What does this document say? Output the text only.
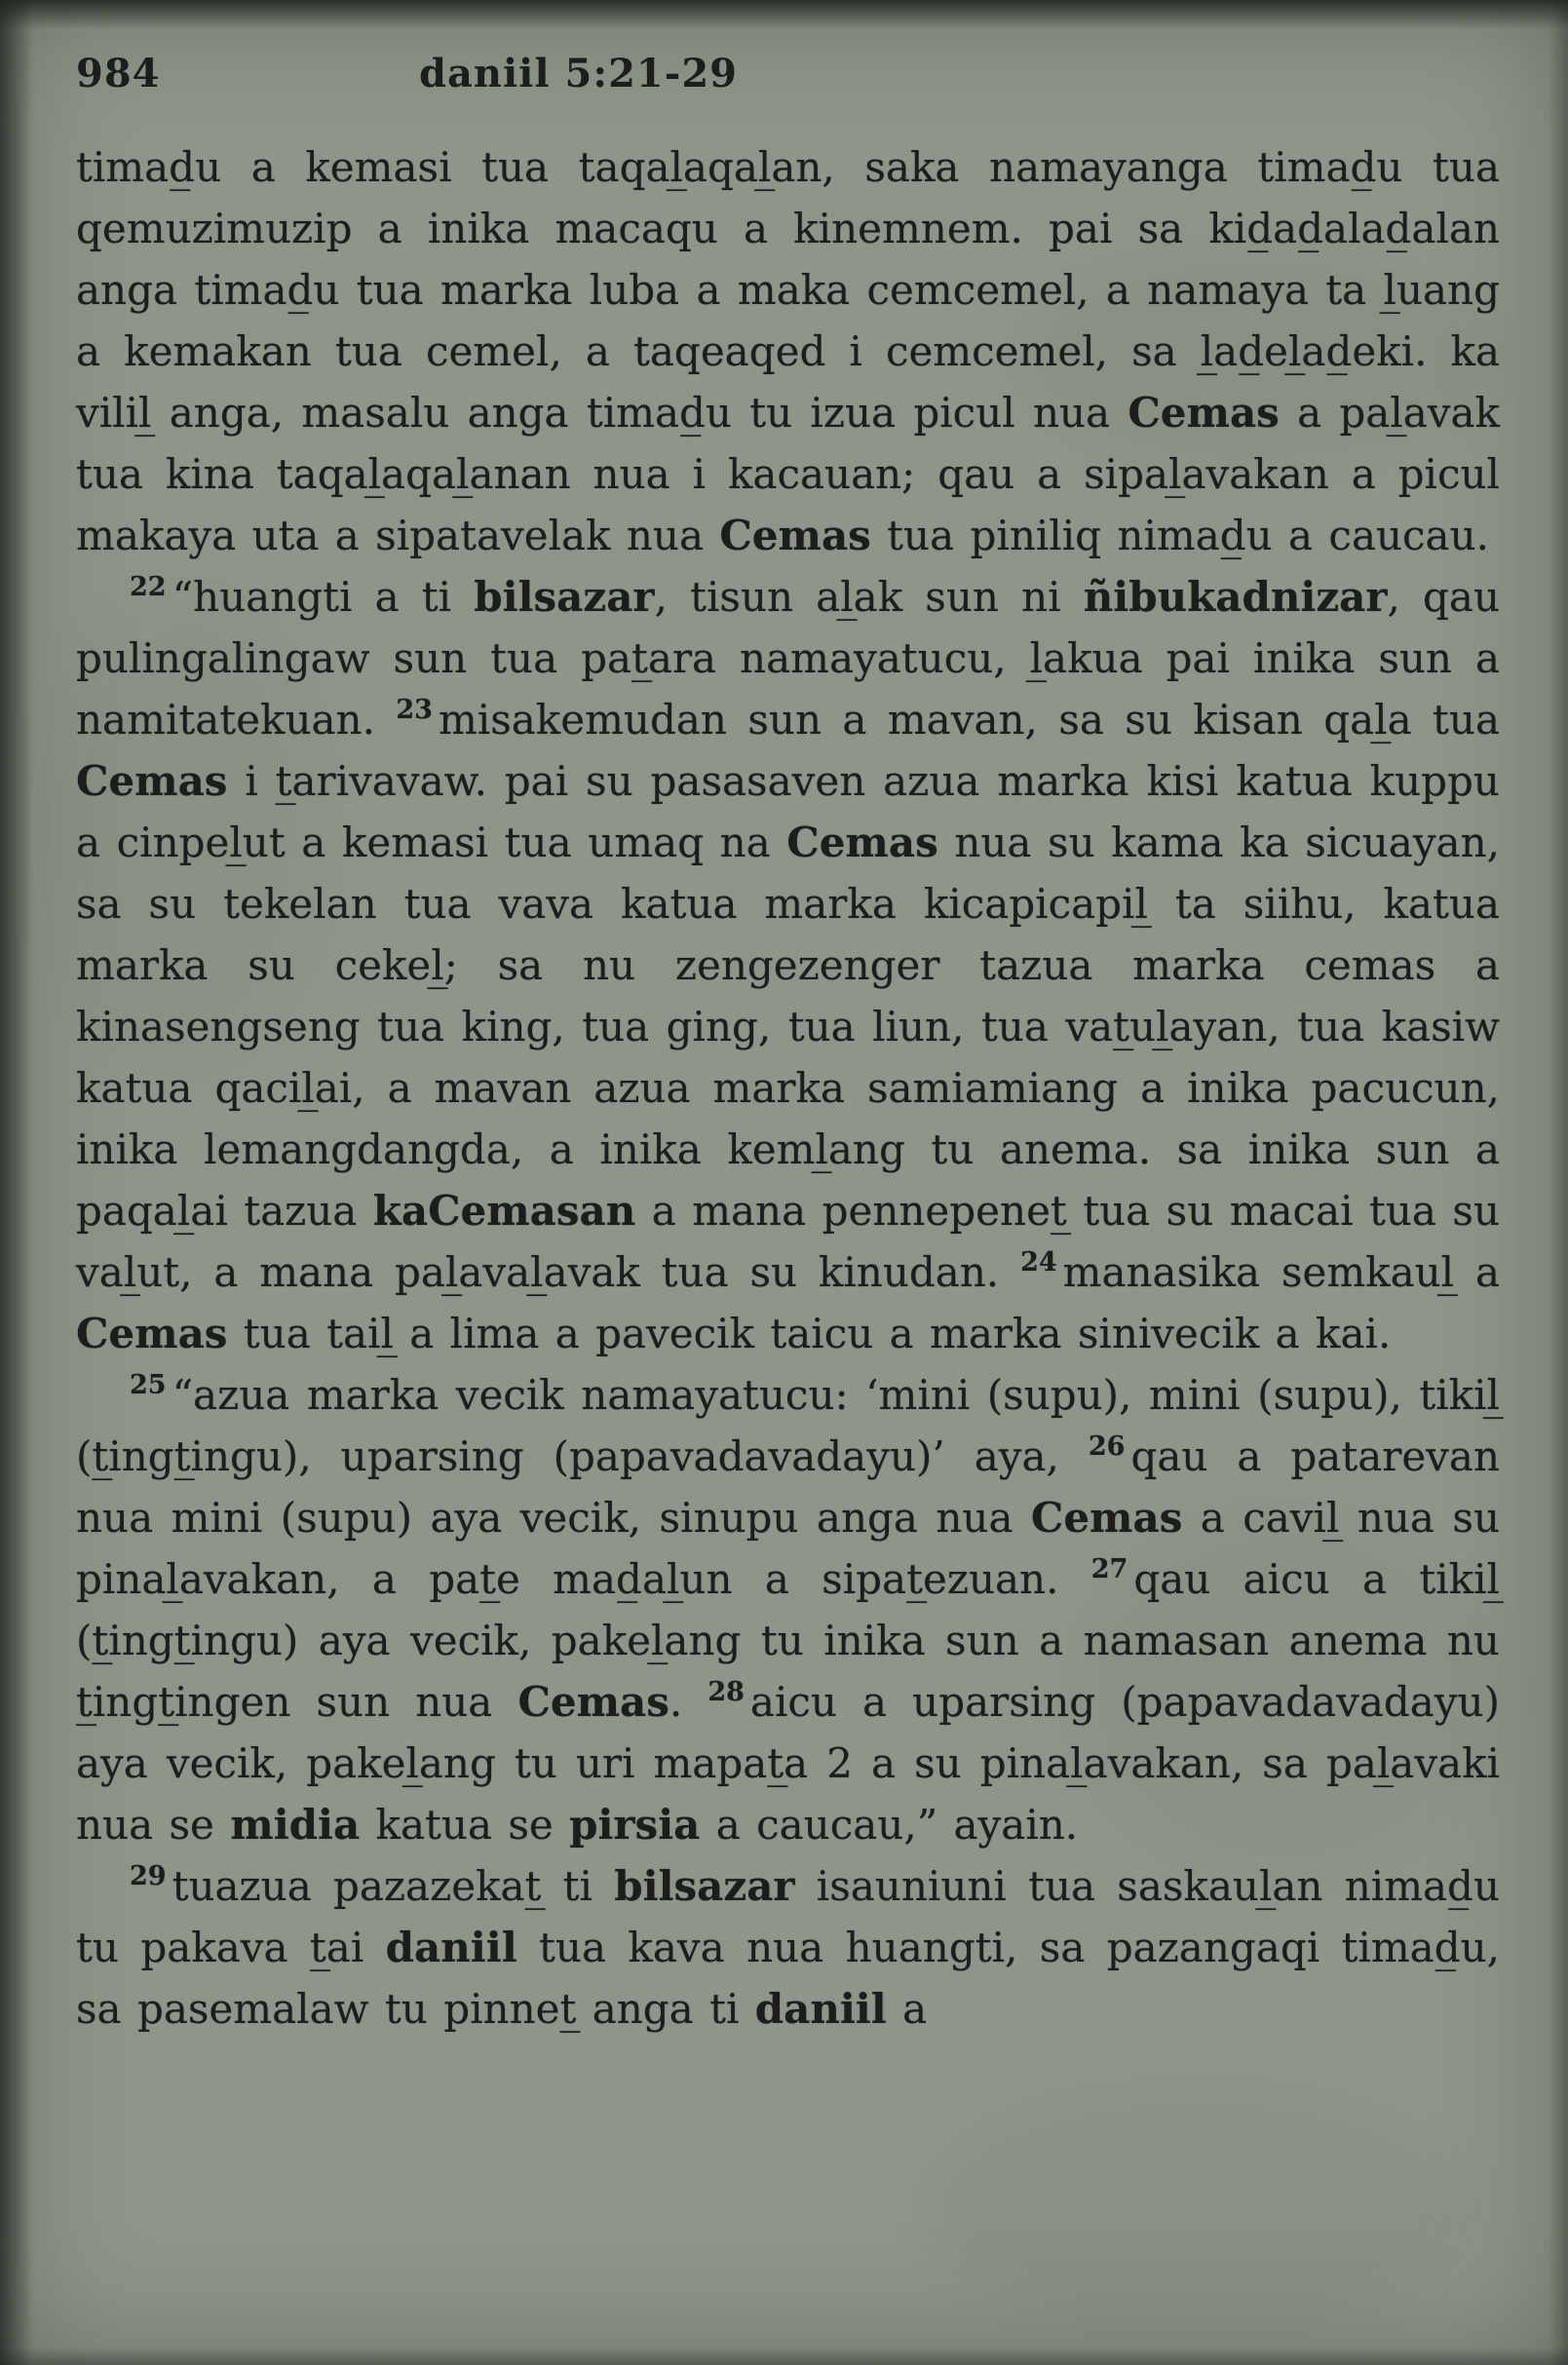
984	daniil 5:21-29

timad̲u a kemasi tua taqal̲aqal̲an, saka namayanga timad̲u tua qemuzimuzip a inika macaqu a kinemnem. pai sa kid̲ad̲alad̲alan anga timad̲u tua marka luba a maka cemcemel, a namaya ta l̲uang a kemakan tua cemel, a taqeaqed i cemcemel, sa l̲ad̲el̲ad̲eki. ka vilil̲ anga, masalu anga timad̲u tu izua picul nua Cemas a pal̲avak tua kina taqal̲aqal̲anan nua i kacauan; qau a sipal̲avakan a picul makaya uta a sipatavelak nua Cemas tua piniliq nimad̲u a caucau.

$^{22}$ “huangti a ti bilsazar, tisun al̲ak sun ni ñibukadnizar, qau pulingalingaw sun tua pat̲ara namayatucu, l̲akua pai inika sun a namitatekuan. $^{23}$ misakemudan sun a mavan, sa su kisan qal̲a tua Cemas i t̲arivavaw. pai su pasasaven azua marka kisi katua kuppu a cinpel̲ut a kemasi tua umaq na Cemas nua su kama ka sicuayan, sa su tekelan tua vava katua marka kicapicapil̲ ta siihu, katua marka su cekel̲; sa nu zengezenger tazua marka cemas a kinasengseng tua king, tua ging, tua liun, tua vat̲ul̲ayan, tua kasiw katua qacil̲ai, a mavan azua marka samiamiang a inika pacucun, inika lemangdangda, a inika keml̲ang tu anema. sa inika sun a paqal̲ai tazua kaCemasan a mana pennepenet̲ tua su macai tua su val̲ut, a mana pal̲aval̲avak tua su kinudan. $^{24}$ manasika semkaul̲ a Cemas tua tail̲ a lima a pavecik taicu a marka sinivecik a kai.

$^{25}$ “azua marka vecik namayatucu: ‘mini (supu), mini (supu), tikil̲ (t̲ingt̲ingu), uparsing (papavadavadayu)’ aya, $^{26}$ qau a patarevan nua mini (supu) aya vecik, sinupu anga nua Cemas a cavil̲ nua su pinal̲avakan, a pat̲e mad̲al̲un a sipat̲ezuan. $^{27}$ qau aicu a tikil̲ (t̲ingt̲ingu) aya vecik, pakel̲ang tu inika sun a namasan anema nu t̲ingt̲ingen sun nua Cemas. $^{28}$ aicu a uparsing (papavadavadayu) aya vecik, pakel̲ang tu uri mapat̲a 2 a su pinal̲avakan, sa pal̲avaki nua se midia katua se pirsia a caucau,” ayain.

$^{29}$ tuazua pazazekat̲ ti bilsazar isauniuni tua saskaul̲an nimad̲u tu pakava t̲ai daniil tua kava nua huangti, sa pazangaqi timad̲u, sa pasemalaw tu pinnet̲ anga ti daniil a
